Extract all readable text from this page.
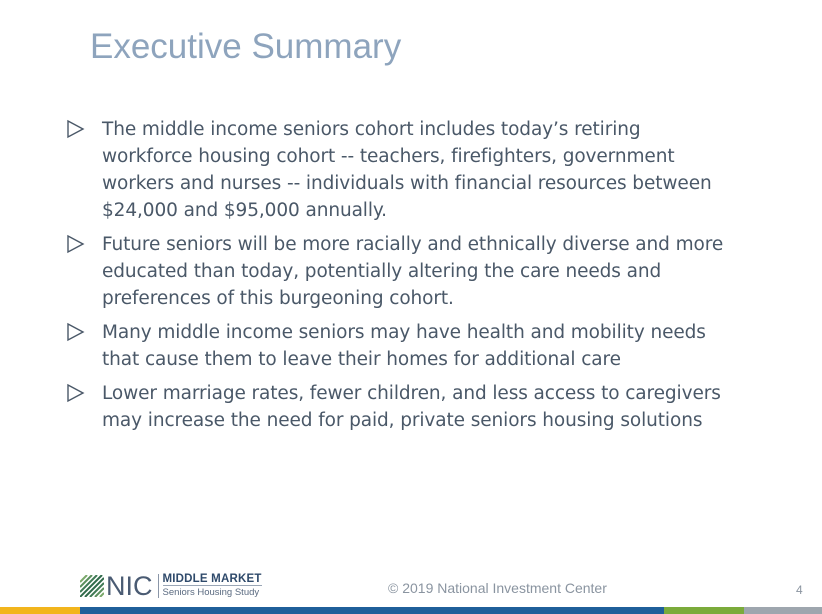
Executive Summary
The middle income seniors cohort includes today’s retiring workforce housing cohort -- teachers, firefighters, government workers and nurses -- individuals with financial resources between $24,000 and $95,000 annually.
Future seniors will be more racially and ethnically diverse and more educated than today, potentially altering the care needs and preferences of this burgeoning cohort.
Many middle income seniors may have health and mobility needs that cause them to leave their homes for additional care
Lower marriage rates, fewer children, and less access to caregivers may increase the need for paid, private seniors housing solutions
NIC MIDDLE MARKET
Seniors Housing Study	© 2019 National Investment Center	4
